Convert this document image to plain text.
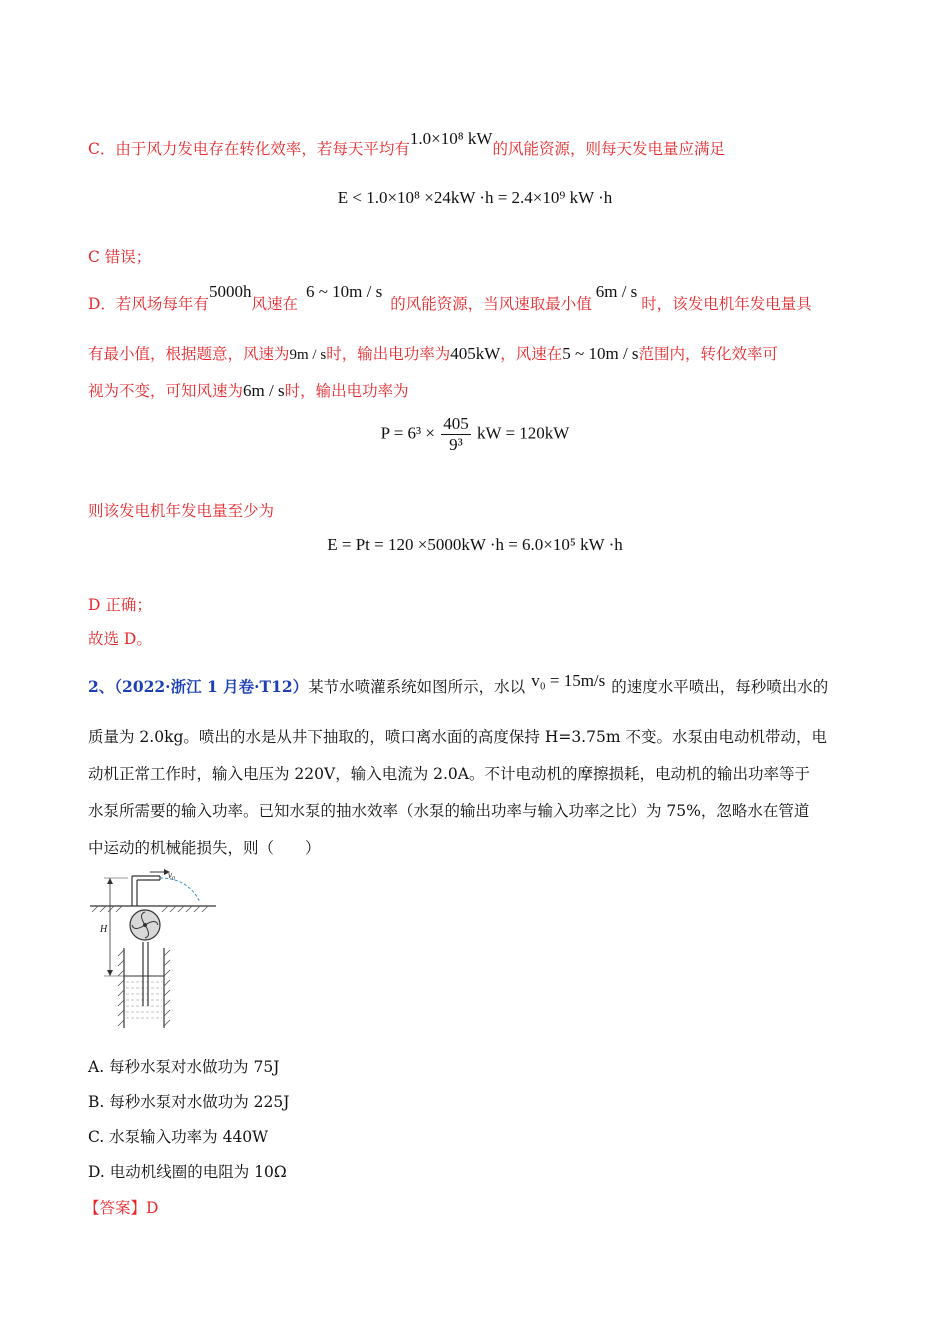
C．由于风力发电存在转化效率，若每天平均有1.0×10⁸ kW的风能资源，则每天发电量应满足
E < 1.0×10⁸ ×24kW ·h = 2.4×10⁹ kW ·h
C 错误；
D．若风场每年有5000h风速在6 ~ 10m / s的风能资源，当风速取最小值6m / s时，该发电机年发电量具
有最小值，根据题意，风速为9m / s时，输出电功率为405kW，风速在5 ~ 10m / s范围内，转化效率可
视为不变，可知风速为6m / s时，输出电功率为
$P = 6^3 \times \frac{405}{\text{9³}}$ kW = 120kW
则该发电机年发电量至少为
E = Pt = 120 ×5000kW ·h = 6.0×10⁵ kW ·h
D 正确；
故选 D。
2、（2022·浙江 1 月卷·T12）某节水喷灌系统如图所示，水以 v₀ = 15m/s 的速度水平喷出，每秒喷出水的
质量为 2.0kg。喷出的水是从井下抽取的，喷口离水面的高度保持 H=3.75m 不变。水泵由电动机带动，电
动机正常工作时，输入电压为 220V，输入电流为 2.0A。不计电动机的摩擦损耗，电动机的输出功率等于
水泵所需要的输入功率。已知水泵的抽水效率（水泵的输出功率与输入功率之比）为 75%，忽略水在管道
中运动的机械能损失，则（　　）
H
v₀
A. 每秒水泵对水做功为 75J
B. 每秒水泵对水做功为 225J
C. 水泵输入功率为 440W
D. 电动机线圈的电阻为 10Ω
【答案】D
